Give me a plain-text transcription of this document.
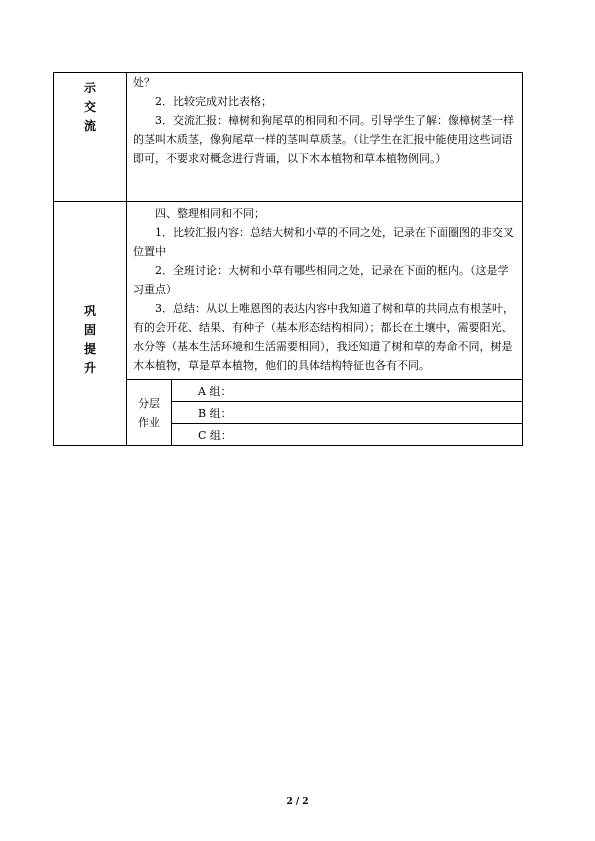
示
交
流

处？

2．比较完成对比表格；

3．交流汇报：樟树和狗尾草的相同和不同。引导学生了解：像樟树茎一样的茎叫木质茎，像狗尾草一样的茎叫草质茎。（让学生在汇报中能使用这些词语即可，不要求对概念进行背诵，以下木本植物和草本植物例同。）

巩
固
提
升

四、整理相同和不同；

1．比较汇报内容：总结大树和小草的不同之处，记录在下面圈图的非交叉位置中

2．全班讨论：大树和小草有哪些相同之处，记录在下面的框内。（这是学习重点）

3．总结：从以上唯恩图的表达内容中我知道了树和草的共同点有根茎叶，有的会开花、结果、有种子（基本形态结构相同）；都长在土壤中，需要阳光、水分等（基本生活环境和生活需要相同），我还知道了树和草的寿命不同，树是木本植物，草是草本植物，他们的具体结构特征也各有不同。

分层
作业	A 组：
B 组：
C 组：
2 / 2
